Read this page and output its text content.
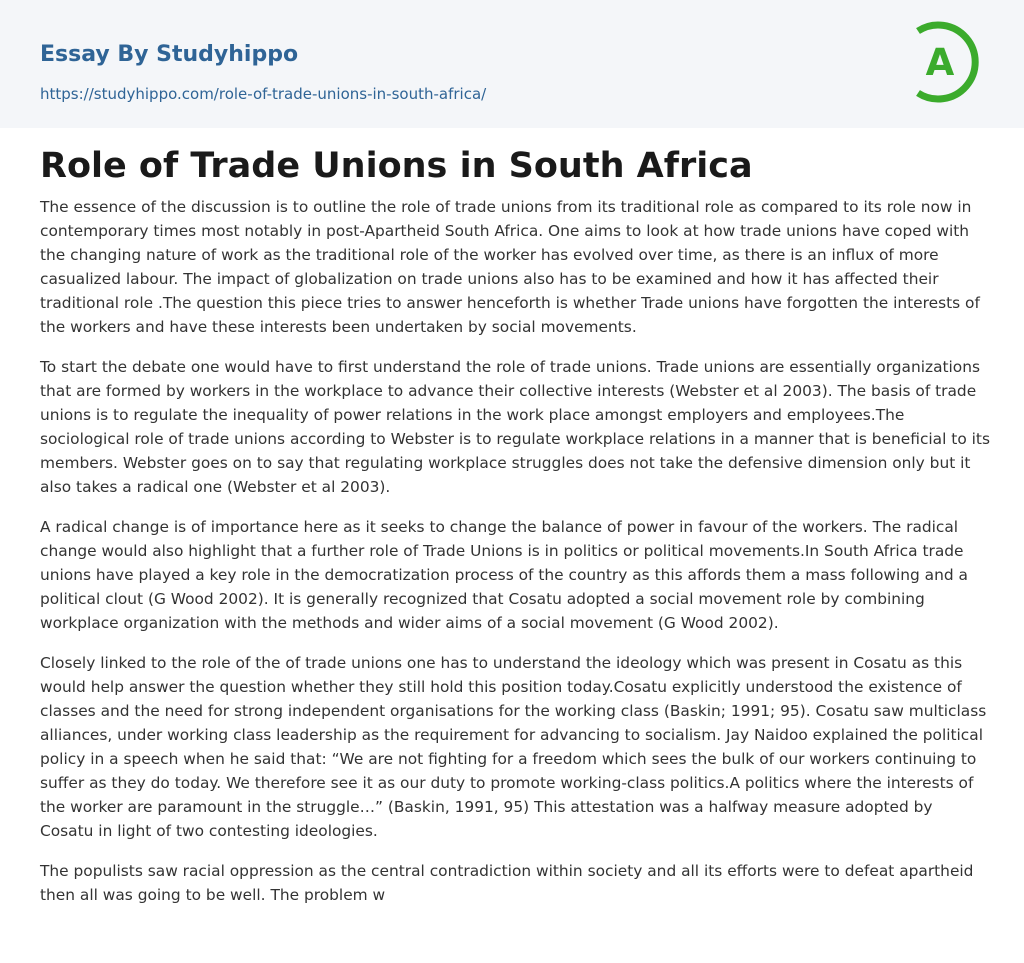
Essay By Studyhippo
https://studyhippo.com/role-of-trade-unions-in-south-africa/
A
Role of Trade Unions in South Africa

The essence of the discussion is to outline the role of trade unions from its traditional role as compared to its role now in contemporary times most notably in post-Apartheid South Africa. One aims to look at how trade unions have coped with the changing nature of work as the traditional role of the worker has evolved over time, as there is an influx of more casualized labour. The impact of globalization on trade unions also has to be examined and how it has affected their traditional role .The question this piece tries to answer henceforth is whether Trade unions have forgotten the interests of the workers and have these interests been undertaken by social movements.

To start the debate one would have to first understand the role of trade unions. Trade unions are essentially organizations that are formed by workers in the workplace to advance their collective interests (Webster et al 2003). The basis of trade unions is to regulate the inequality of power relations in the work place amongst employers and employees.The sociological role of trade unions according to Webster is to regulate workplace relations in a manner that is beneficial to its members. Webster goes on to say that regulating workplace struggles does not take the defensive dimension only but it also takes a radical one (Webster et al 2003).

A radical change is of importance here as it seeks to change the balance of power in favour of the workers. The radical change would also highlight that a further role of Trade Unions is in politics or political movements.In South Africa trade unions have played a key role in the democratization process of the country as this affords them a mass following and a political clout (G Wood 2002). It is generally recognized that Cosatu adopted a social movement role by combining workplace organization with the methods and wider aims of a social movement (G Wood 2002).

Closely linked to the role of the of trade unions one has to understand the ideology which was present in Cosatu as this would help answer the question whether they still hold this position today.Cosatu explicitly understood the existence of classes and the need for strong independent organisations for the working class (Baskin; 1991; 95). Cosatu saw multiclass alliances, under working class leadership as the requirement for advancing to socialism. Jay Naidoo explained the political policy in a speech when he said that: “We are not fighting for a freedom which sees the bulk of our workers continuing to suffer as they do today. We therefore see it as our duty to promote working-class politics.A politics where the interests of the worker are paramount in the struggle…” (Baskin, 1991, 95) This attestation was a halfway measure adopted by Cosatu in light of two contesting ideologies.

The populists saw racial oppression as the central contradiction within society and all its efforts were to defeat apartheid then all was going to be well. The problem w
